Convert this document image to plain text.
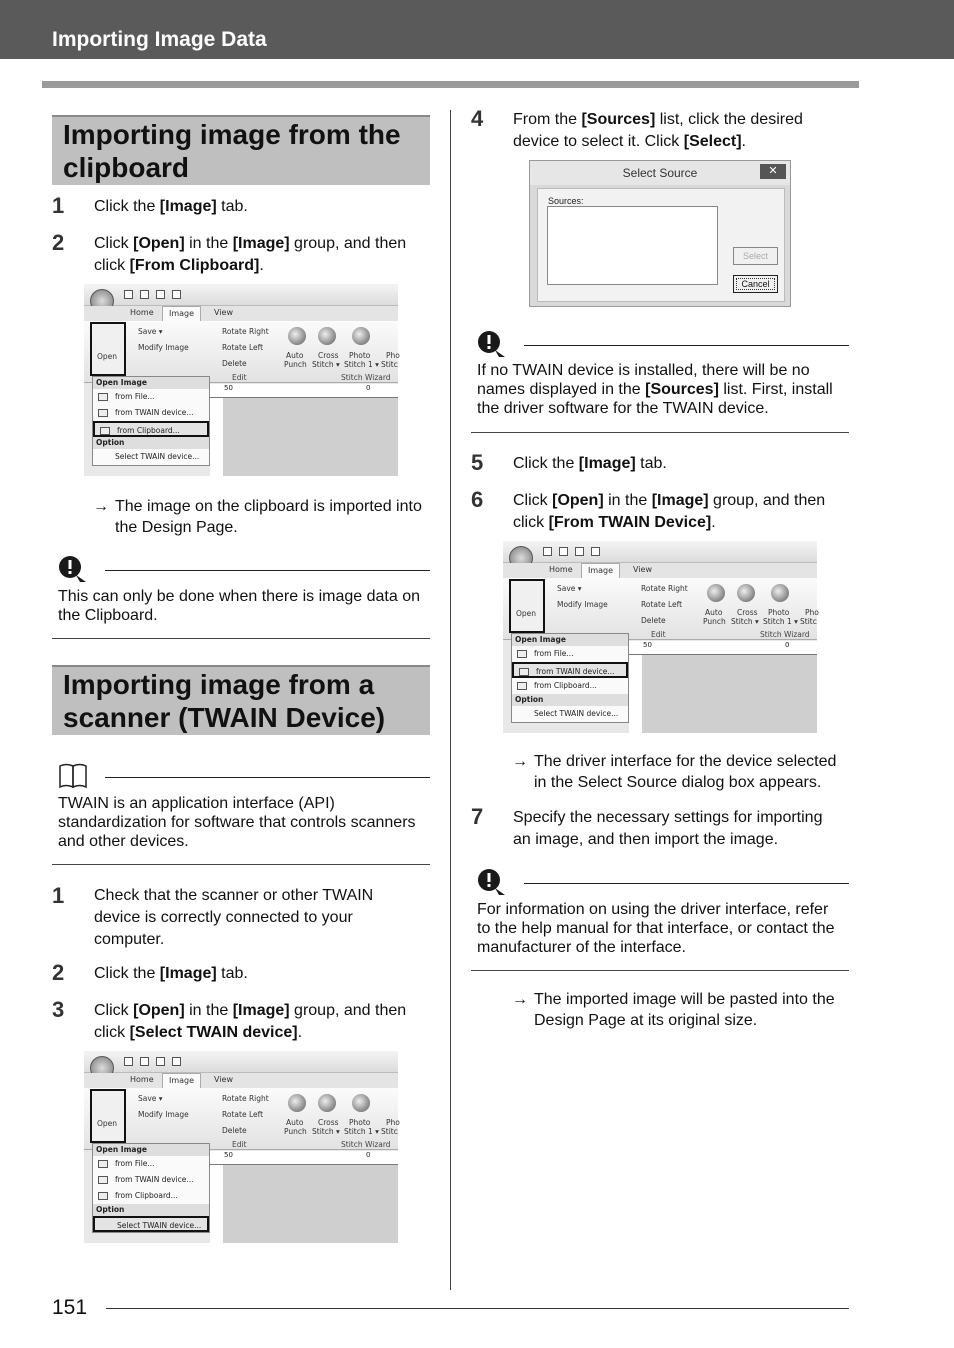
Importing Image Data
Importing image from the
clipboard
1 Click the [Image] tab.
2 Click [Open] in the [Image] group, and then
click [From Clipboard].
Home	Image	View
Save ▾
Modify Image
Rotate Right
Rotate Left
Delete
Edit
Auto
Punch
Cross
Stitch ▾
Photo
Stitch 1 ▾
Pho
Stitc
Stitch Wizard
Open
50	0
Open Image
from File...
from TWAIN device...
from Clipboard...
Option
Select TWAIN device...
→ The image on the clipboard is imported into
the Design Page.
This can only be done when there is image data on
the Clipboard.
Importing image from a
scanner (TWAIN Device)
TWAIN is an application interface (API)
standardization for software that controls scanners
and other devices.
1 Check that the scanner or other TWAIN
device is correctly connected to your
computer.
2 Click the [Image] tab.
3 Click [Open] in the [Image] group, and then
click [Select TWAIN device].
Home	Image	View
Save ▾
Modify Image
Rotate Right
Rotate Left
Delete
Edit
Auto
Punch
Cross
Stitch ▾
Photo
Stitch 1 ▾
Pho
Stitc
Stitch Wizard
Open
50	0
Open Image
from File...
from TWAIN device...
from Clipboard...
Option
Select TWAIN device...
4 From the [Sources] list, click the desired
device to select it. Click [Select].
Select Source	✕
Sources:
Select
Cancel
If no TWAIN device is installed, there will be no
names displayed in the [Sources] list. First, install
the driver software for the TWAIN device.
5 Click the [Image] tab.
6 Click [Open] in the [Image] group, and then
click [From TWAIN Device].
Home	Image	View
Save ▾
Modify Image
Rotate Right
Rotate Left
Delete
Edit
Auto
Punch
Cross
Stitch ▾
Photo
Stitch 1 ▾
Pho
Stitc
Stitch Wizard
Open
50	0
Open Image
from File...
from TWAIN device...
from Clipboard...
Option
Select TWAIN device...
→ The driver interface for the device selected
in the Select Source dialog box appears.
7 Specify the necessary settings for importing
an image, and then import the image.
For information on using the driver interface, refer
to the help manual for that interface, or contact the
manufacturer of the interface.
→ The imported image will be pasted into the
Design Page at its original size.
151
